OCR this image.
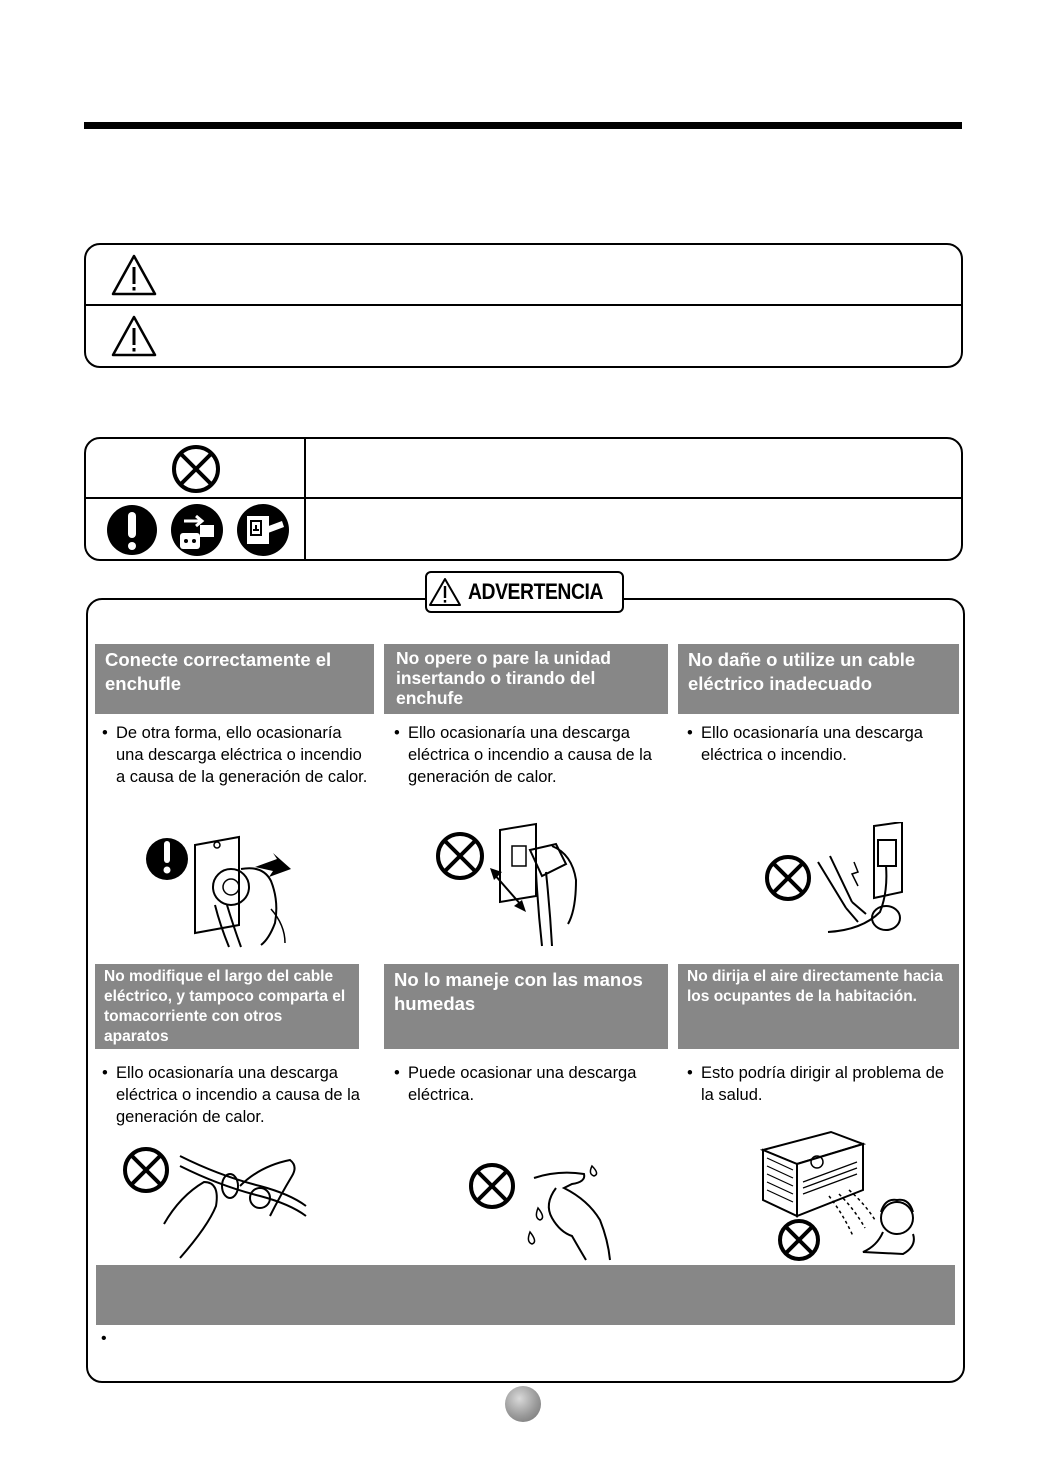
ADVERTENCIA
Conecte correctamente el enchufle
• De otra forma, ello ocasionaría una descarga eléctrica o incendio a causa de la generación de calor.
No opere o pare la unidad insertando o tirando del enchufe
• Ello ocasionaría una descarga eléctrica o incendio a causa de la generación de calor.
No dañe o utilize un cable eléctrico inadecuado
• Ello ocasionaría una descarga eléctrica o incendio.
No modifique el largo del cable eléctrico, y tampoco comparta el tomacorriente con otros aparatos
• Ello ocasionaría una descarga eléctrica o incendio a causa de la generación de calor.
No lo maneje con las manos humedas
• Puede ocasionar una descarga eléctrica.
No dirija el aire directamente hacia los ocupantes de la habitación.
• Esto podría dirigir al problema de la salud.
•
